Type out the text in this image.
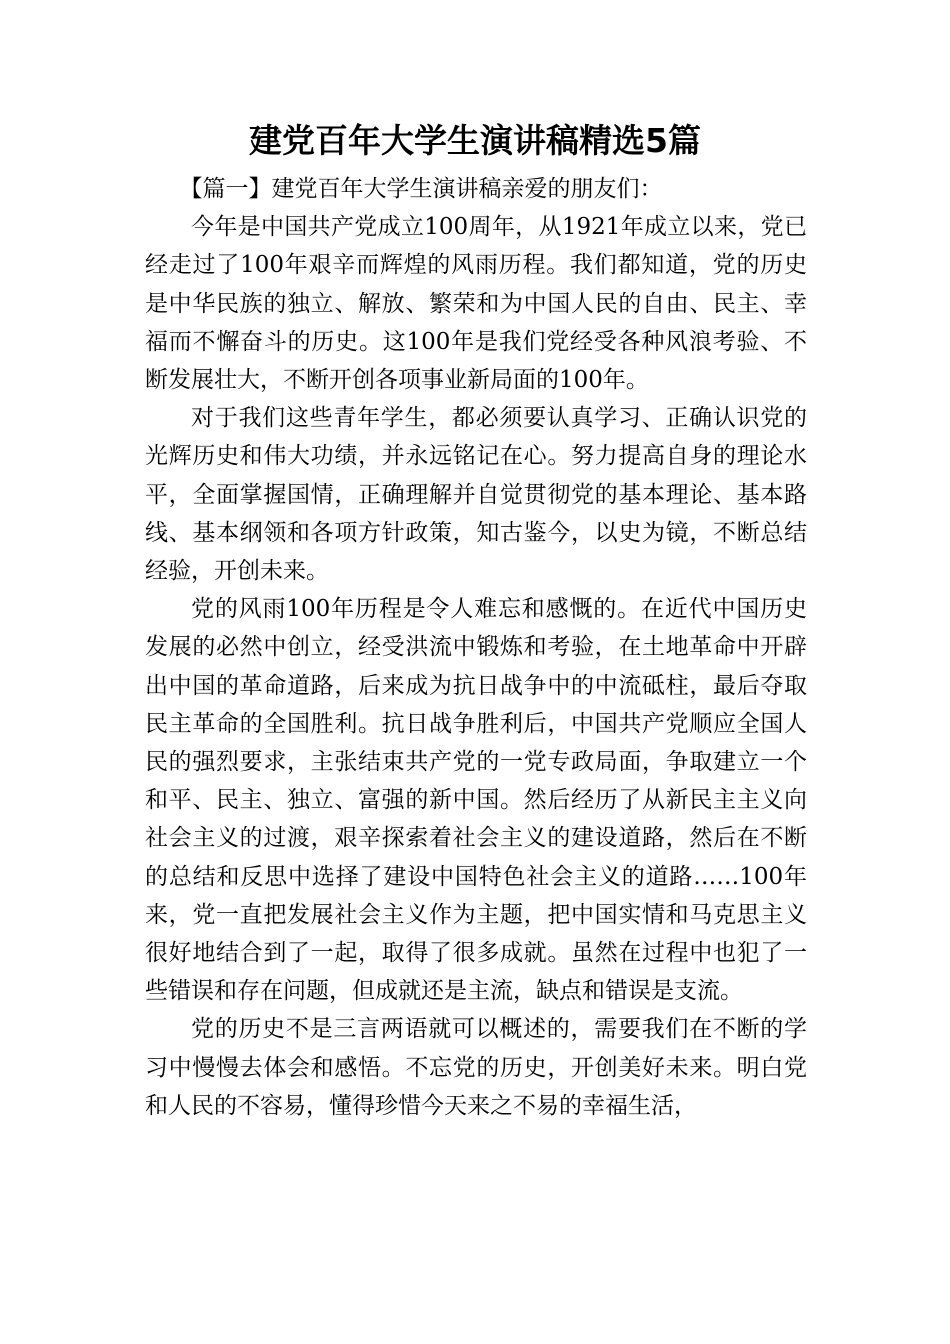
建党百年大学生演讲稿精选5篇

【篇一】建党百年大学生演讲稿亲爱的朋友们：

今年是中国共产党成立100周年，从1921年成立以来，党已经走过了100年艰辛而辉煌的风雨历程。我们都知道，党的历史是中华民族的独立、解放、繁荣和为中国人民的自由、民主、幸福而不懈奋斗的历史。这100年是我们党经受各种风浪考验、不断发展壮大，不断开创各项事业新局面的100年。

对于我们这些青年学生，都必须要认真学习、正确认识党的光辉历史和伟大功绩，并永远铭记在心。努力提高自身的理论水平，全面掌握国情，正确理解并自觉贯彻党的基本理论、基本路线、基本纲领和各项方针政策，知古鉴今，以史为镜，不断总结经验，开创未来。

党的风雨100年历程是令人难忘和感慨的。在近代中国历史发展的必然中创立，经受洪流中锻炼和考验，在土地革命中开辟出中国的革命道路，后来成为抗日战争中的中流砥柱，最后夺取民主革命的全国胜利。抗日战争胜利后，中国共产党顺应全国人民的强烈要求，主张结束共产党的一党专政局面，争取建立一个和平、民主、独立、富强的新中国。然后经历了从新民主主义向社会主义的过渡，艰辛探索着社会主义的建设道路，然后在不断的总结和反思中选择了建设中国特色社会主义的道路……100年来，党一直把发展社会主义作为主题，把中国实情和马克思主义很好地结合到了一起，取得了很多成就。虽然在过程中也犯了一些错误和存在问题，但成就还是主流，缺点和错误是支流。

党的历史不是三言两语就可以概述的，需要我们在不断的学习中慢慢去体会和感悟。不忘党的历史，开创美好未来。明白党和人民的不容易，懂得珍惜今天来之不易的幸福生活，
